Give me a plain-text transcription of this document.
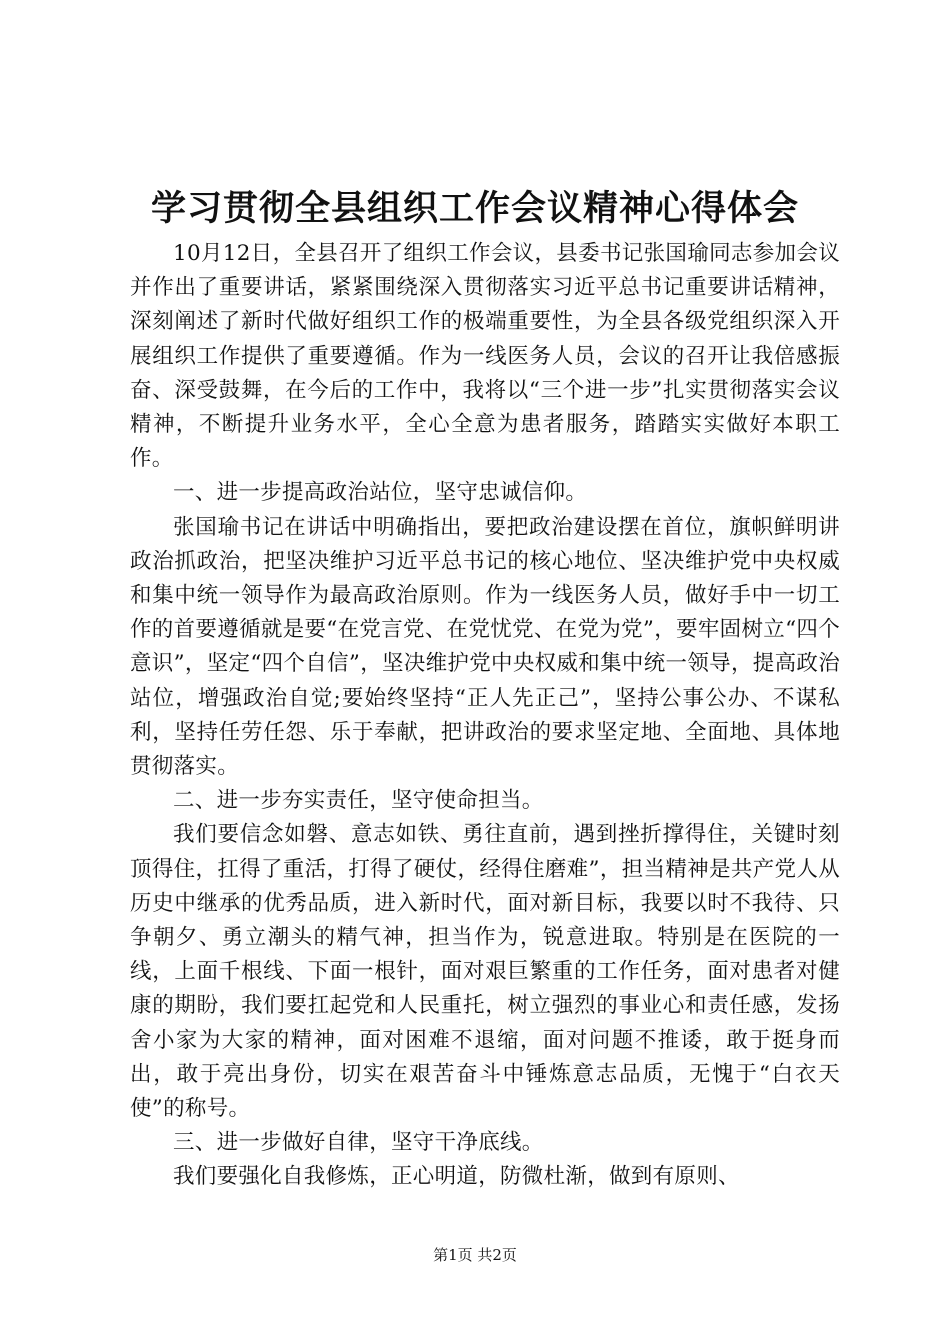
学习贯彻全县组织工作会议精神心得体会

10月12日，全县召开了组织工作会议，县委书记张国瑜同志参加会议并作出了重要讲话，紧紧围绕深入贯彻落实习近平总书记重要讲话精神，深刻阐述了新时代做好组织工作的极端重要性，为全县各级党组织深入开展组织工作提供了重要遵循。作为一线医务人员，会议的召开让我倍感振奋、深受鼓舞，在今后的工作中，我将以“三个进一步”扎实贯彻落实会议精神，不断提升业务水平，全心全意为患者服务，踏踏实实做好本职工作。

一、进一步提高政治站位，坚守忠诚信仰。

张国瑜书记在讲话中明确指出，要把政治建设摆在首位，旗帜鲜明讲政治抓政治，把坚决维护习近平总书记的核心地位、坚决维护党中央权威和集中统一领导作为最高政治原则。作为一线医务人员，做好手中一切工作的首要遵循就是要“在党言党、在党忧党、在党为党”，要牢固树立“四个意识”，坚定“四个自信”，坚决维护党中央权威和集中统一领导，提高政治站位，增强政治自觉;要始终坚持“正人先正己”，坚持公事公办、不谋私利，坚持任劳任怨、乐于奉献，把讲政治的要求坚定地、全面地、具体地贯彻落实。

二、进一步夯实责任，坚守使命担当。

我们要信念如磐、意志如铁、勇往直前，遇到挫折撑得住，关键时刻顶得住，扛得了重活，打得了硬仗，经得住磨难”，担当精神是共产党人从历史中继承的优秀品质，进入新时代，面对新目标，我要以时不我待、只争朝夕、勇立潮头的精气神，担当作为，锐意进取。特别是在医院的一线，上面千根线、下面一根针，面对艰巨繁重的工作任务，面对患者对健康的期盼，我们要扛起党和人民重托，树立强烈的事业心和责任感，发扬舍小家为大家的精神，面对困难不退缩，面对问题不推诿，敢于挺身而出，敢于亮出身份，切实在艰苦奋斗中锤炼意志品质，无愧于“白衣天使”的称号。

三、进一步做好自律，坚守干净底线。

我们要强化自我修炼，正心明道，防微杜渐，做到有原则、

第1页 共2页
